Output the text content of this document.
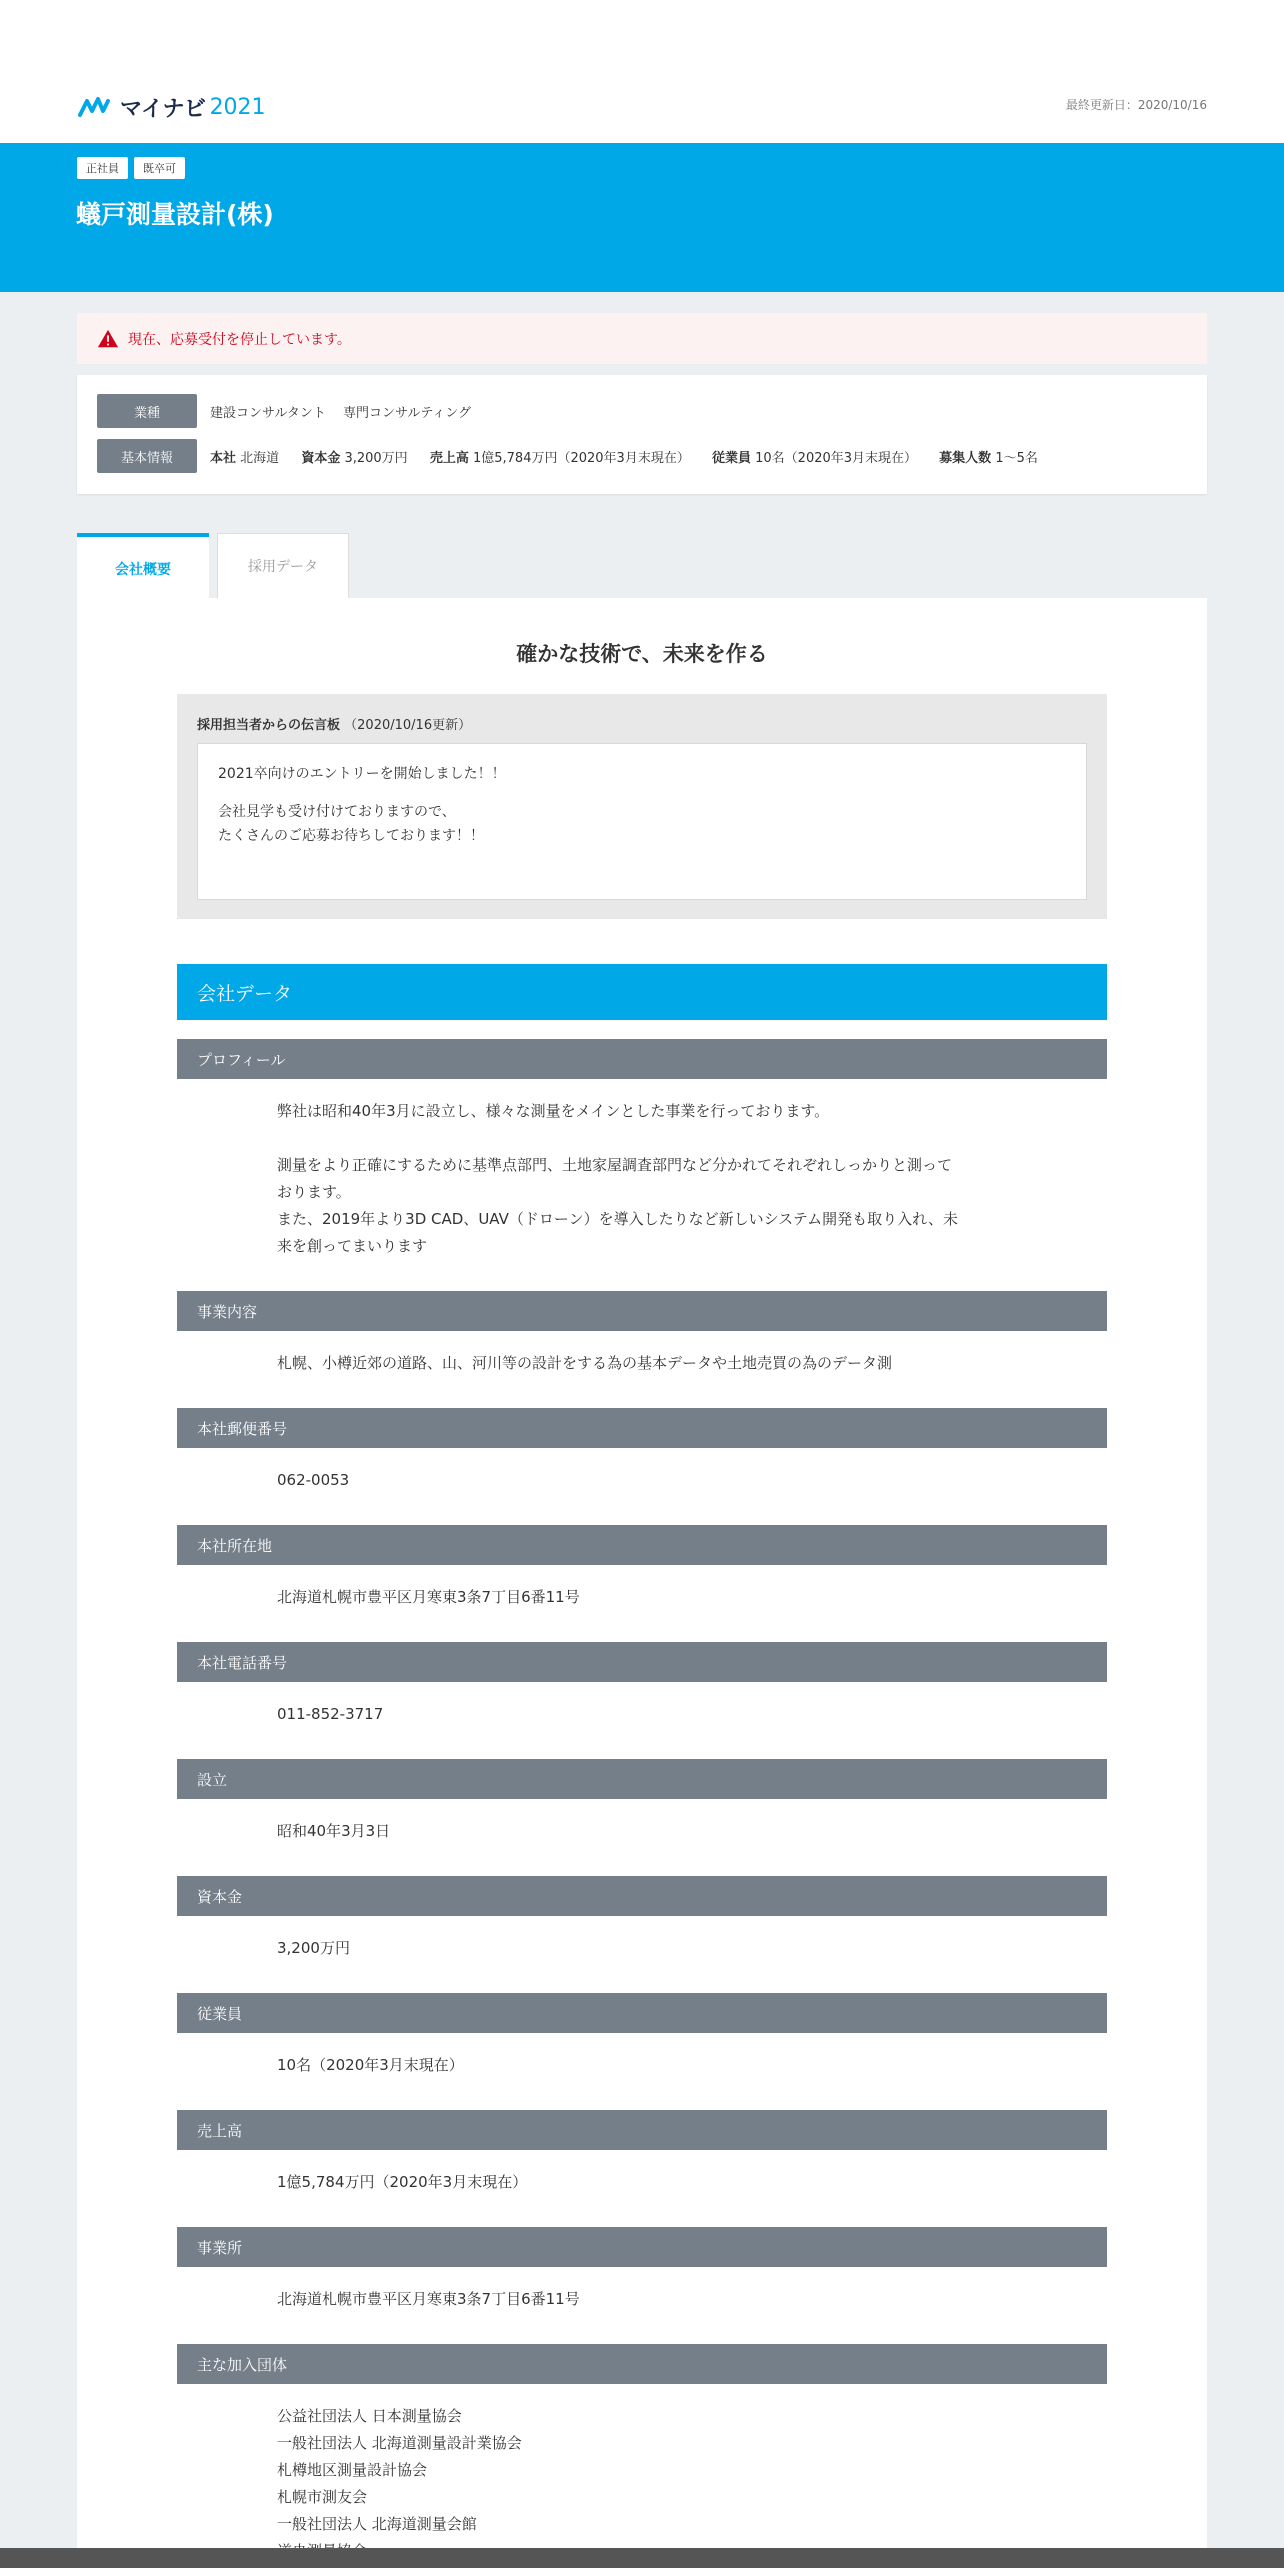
マイナビ 2021	最終更新日：2020/10/16
正社員	既卒可
蟻戸測量設計(株)
現在、応募受付を停止しています。
業種	建設コンサルタント　 専門コンサルティング
基本情報	本社 北海道 資本金 3,200万円 売上高 1億5,784万円（2020年3月末現在） 従業員 10名（2020年3月末現在） 募集人数 1～5名
会社概要	採用データ
確かな技術で、未来を作る
採用担当者からの伝言板 （2020/10/16更新）
2021卒向けのエントリーを開始しました！！
会社見学も受け付けておりますので、
たくさんのご応募お待ちしております！！
会社データ
プロフィール
弊社は昭和40年3月に設立し、様々な測量をメインとした事業を行っております。
測量をより正確にするために基準点部門、土地家屋調査部門など分かれてそれぞれしっかりと測って
おります。
また、2019年より3D CAD、UAV（ドローン）を導入したりなど新しいシステム開発も取り入れ、未
来を創ってまいります
事業内容
札幌、小樽近郊の道路、山、河川等の設計をする為の基本データや土地売買の為のデータ測
本社郵便番号
062-0053
本社所在地
北海道札幌市豊平区月寒東3条7丁目6番11号
本社電話番号
011-852-3717
設立
昭和40年3月3日
資本金
3,200万円
従業員
10名（2020年3月末現在）
売上高
1億5,784万円（2020年3月末現在）
事業所
北海道札幌市豊平区月寒東3条7丁目6番11号
主な加入団体
公益社団法人 日本測量協会
一般社団法人 北海道測量設計業協会
札樽地区測量設計協会
札幌市測友会
一般社団法人 北海道測量会館
